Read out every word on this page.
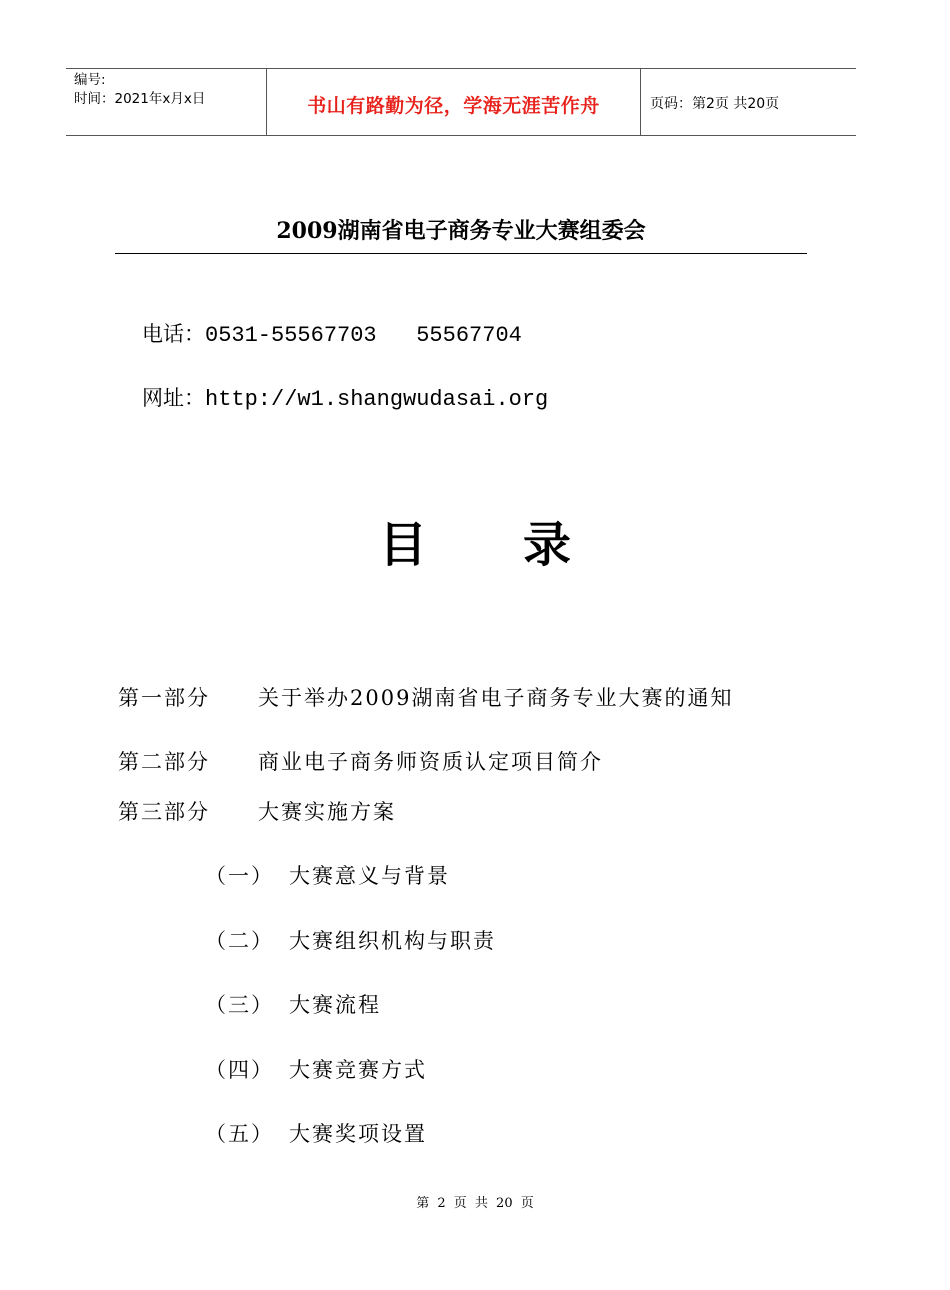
编号:
时间：2021年x月x日	书山有路勤为径，学海无涯苦作舟	页码：第2页 共20页
2009湖南省电子商务专业大赛组委会
电话：0531-55567703   55567704
网址：http://w1.shangwudasai.org
目 录
第一部分 关于举办2009湖南省电子商务专业大赛的通知
第二部分 商业电子商务师资质认定项目简介
第三部分 大赛实施方案
（一） 大赛意义与背景
（二） 大赛组织机构与职责
（三） 大赛流程
（四） 大赛竞赛方式
（五） 大赛奖项设置
第 2 页 共 20 页
